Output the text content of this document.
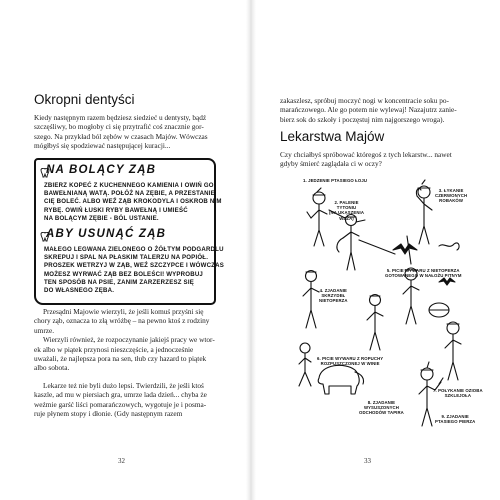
Okropni dentyści
Kiedy następnym razem będziesz siedzieć u dentysty, bądź
szczęśliwy, bo mogłoby ci się przytrafić coś znacznie gor-
szego. Na przykład ból zębów w czasach Majów. Wówczas
mógłbyś się spodziewać następującej kuracji...
NA BOLĄCY ZĄB
ZBIERZ KOPEĆ Z KUCHENNEGO KAMIENIA I OWIŃ GO
BAWEŁNIANĄ WATĄ. POŁÓŻ NA ZĘBIE, A PRZESTANIE
CIĘ BOLEĆ. ALBO WEŹ ZĄB KROKODYLA I OSKROB NIM
RYBĘ. OWIŃ ŁUSKI RYBY BAWEŁNĄ I UMIEŚĆ
NA BOLĄCYM ZĘBIE - BÓL USTANIE.
ABY USUNĄĆ ZĄB
MAŁEGO LEGWANA ZIELONEGO O ŻÓŁTYM PODGARDLU
SKREPUJ I SPAL NA PŁASKIM TALERZU NA POPIÓŁ.
PROSZEK WETRZYJ W ZĄB, WEŹ SZCZYPCE I WÓWCZAS
MOŻESZ WYRWAĆ ZĄB BEZ BOLEŚCI! WYPROBUJ
TEN SPOSÓB NA PSIE, ZANIM ZARZERZESZ SIĘ
DO WŁASNEGO ZĘBA.
Przesądni Majowie wierzyli, że jeśli komuś przyśni się
chory ząb, oznacza to złą wróżbę – na pewno ktoś z rodziny
umrze.
Wierzyli również, że rozpoczynanie jakiejś pracy we wtor-
ek albo w piątek przynosi nieszczęście, a jednocześnie
uważali, że najlepsza pora na sen, tłub czy hazard to piątek
albo sobota.
Lekarze też nie byli dużo lepsi. Twierdzili, że jeśli ktoś
kaszle, ad mu w piersiach gra, umrze lada dzień... chyba że
weźmie garść liści pomarańczowych, wygotuje je i posma-
ruje płynem stopy i dłonie. (Gdy następnym razem
32
zakaszlesz, spróbuj moczyć nogi w koncentracie soku po-
marańczowego. Ale go potem nie wylewaj! Nazajutrz zanie-
bierz sok do szkoły i poczęstuj nim najgorszego wroga).
Lekarstwa Majów
Czy chciałbyś spróbować któregoś z tych lekarstw... nawet
gdyby śmierć zaglądała ci w oczy?
33
1. JEDZENIE PTASIEGO ŁOJU
2. PALENIE
TYTONIU
(NA UKĄSZENIA
WĘŻA)
3. ŁYKANIE
CZERWONYCH
ROBAKÓW
4. ZJADANIE
SKRZYDEŁ
NIETOPERZA
5. PICIE WYWARU Z NIETOPERZA
GOTOWANEGO W NAŁOŻU PITNYM
6. PICIE WYWARU Z ROPUCHY
ROZPUSZCZONEJ W WINIE
7. POŁYKANIE OZIOBA
SZKLEJOŁA
8. ZJADANIE
WYSUSZONYCH
ODCHODÓW TAPIRA
9. ZJADANIE
PTASIEGO PIERZA
